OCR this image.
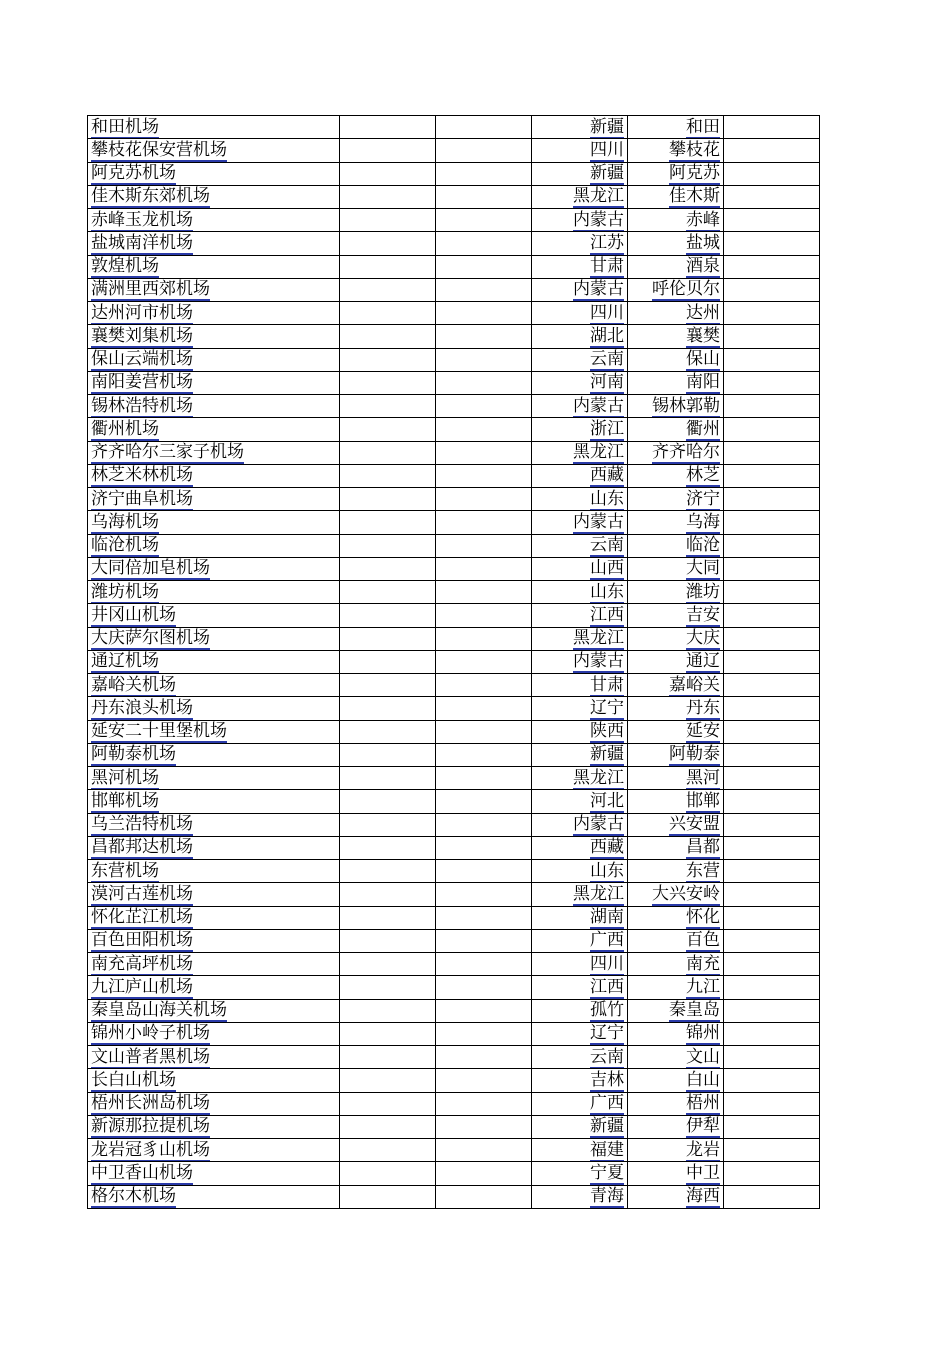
和田机场			新疆	和田	
攀枝花保安营机场			四川	攀枝花	
阿克苏机场			新疆	阿克苏	
佳木斯东郊机场			黑龙江	佳木斯	
赤峰玉龙机场			内蒙古	赤峰	
盐城南洋机场			江苏	盐城	
敦煌机场			甘肃	酒泉	
满洲里西郊机场			内蒙古	呼伦贝尔	
达州河市机场			四川	达州	
襄樊刘集机场			湖北	襄樊	
保山云端机场			云南	保山	
南阳姜营机场			河南	南阳	
锡林浩特机场			内蒙古	锡林郭勒	
衢州机场			浙江	衢州	
齐齐哈尔三家子机场			黑龙江	齐齐哈尔	
林芝米林机场			西藏	林芝	
济宁曲阜机场			山东	济宁	
乌海机场			内蒙古	乌海	
临沧机场			云南	临沧	
大同倍加皂机场			山西	大同	
潍坊机场			山东	潍坊	
井冈山机场			江西	吉安	
大庆萨尔图机场			黑龙江	大庆	
通辽机场			内蒙古	通辽	
嘉峪关机场			甘肃	嘉峪关	
丹东浪头机场			辽宁	丹东	
延安二十里堡机场			陕西	延安	
阿勒泰机场			新疆	阿勒泰	
黑河机场			黑龙江	黑河	
邯郸机场			河北	邯郸	
乌兰浩特机场			内蒙古	兴安盟	
昌都邦达机场			西藏	昌都	
东营机场			山东	东营	
漠河古莲机场			黑龙江	大兴安岭	
怀化芷江机场			湖南	怀化	
百色田阳机场			广西	百色	
南充高坪机场			四川	南充	
九江庐山机场			江西	九江	
秦皇岛山海关机场			孤竹	秦皇岛	
锦州小岭子机场			辽宁	锦州	
文山普者黑机场			云南	文山	
长白山机场			吉林	白山	
梧州长洲岛机场			广西	梧州	
新源那拉提机场			新疆	伊犁	
龙岩冠豸山机场			福建	龙岩	
中卫香山机场			宁夏	中卫	
格尔木机场			青海	海西	
